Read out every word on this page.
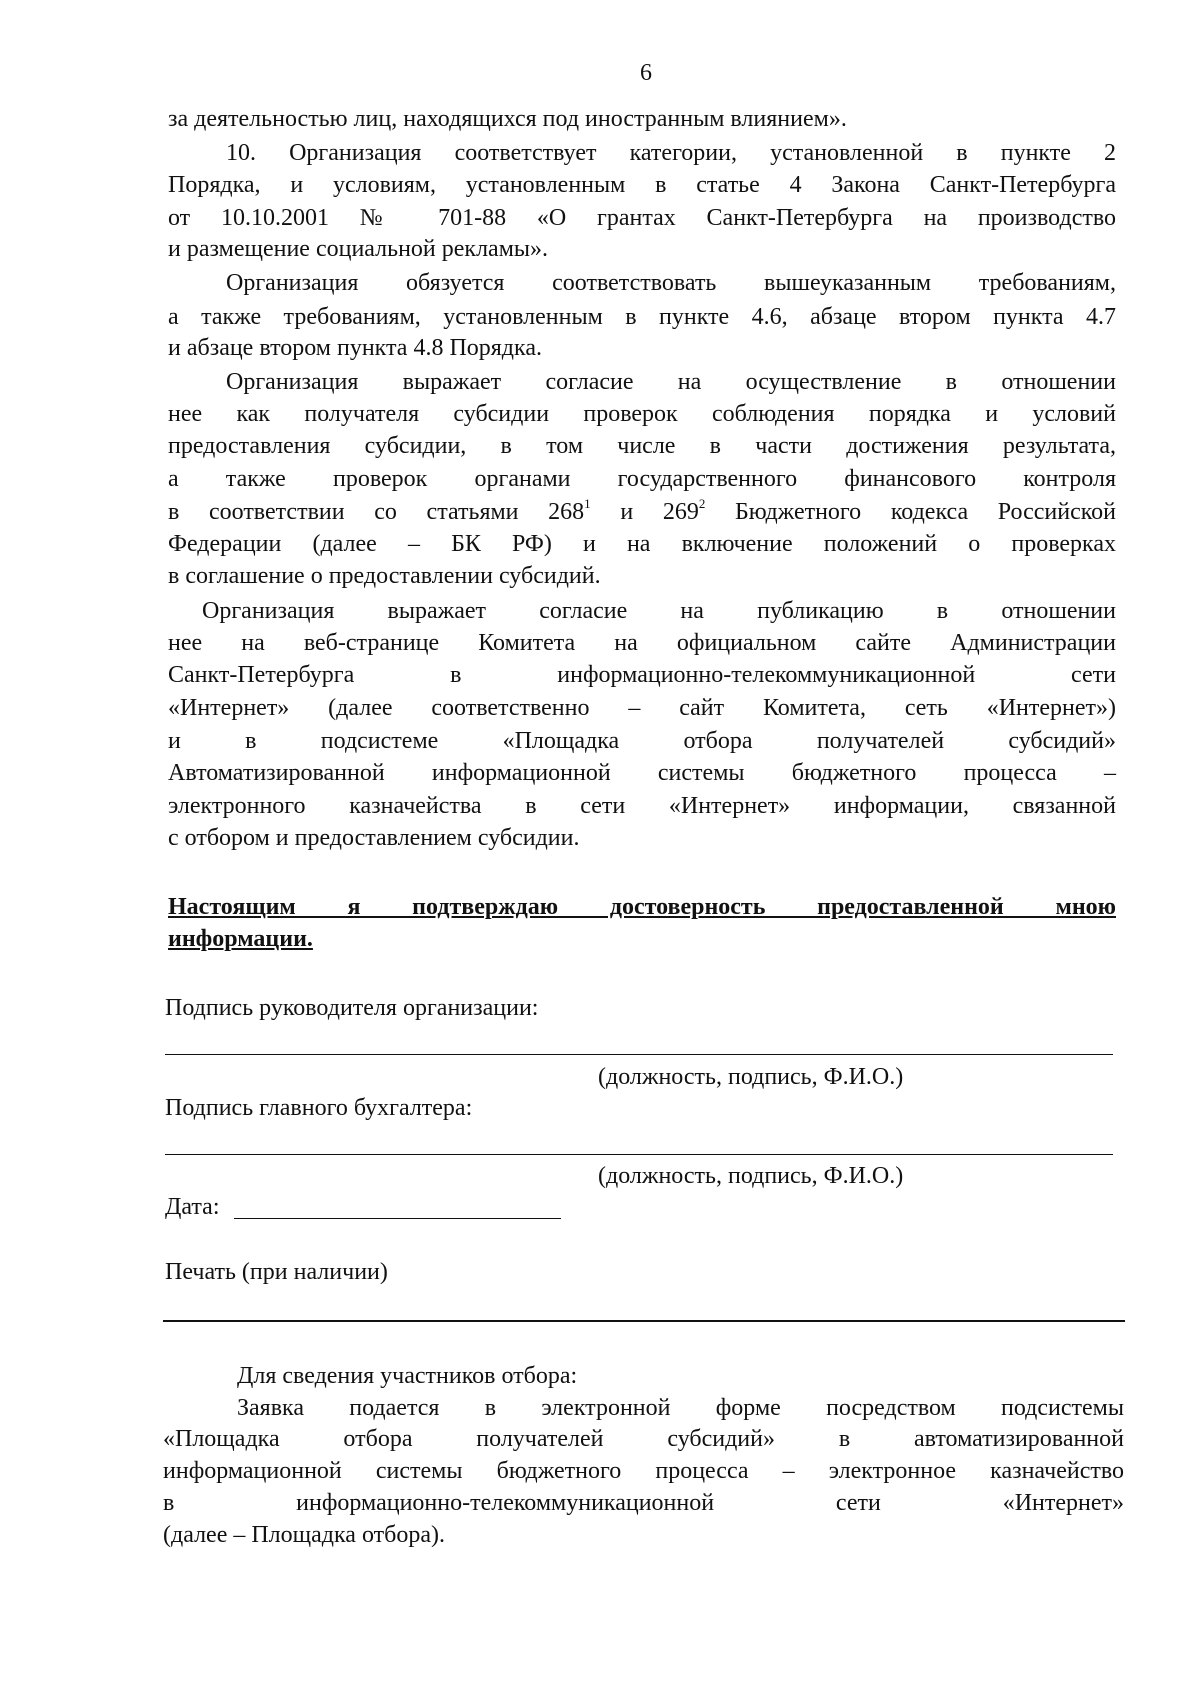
6
за деятельностью лиц, находящихся под иностранным влиянием».
10. Организация соответствует категории, установленной в пункте 2
Порядка, и условиям, установленным в статье 4 Закона Санкт-Петербурга
от 10.10.2001 № 701-88 «О грантах Санкт-Петербурга на производство
и размещение социальной рекламы».
Организация обязуется соответствовать вышеуказанным требованиям,
а также требованиям, установленным в пункте 4.6, абзаце втором пункта 4.7
и абзаце втором пункта 4.8 Порядка.
Организация выражает согласие на осуществление в отношении
нее как получателя субсидии проверок соблюдения порядка и условий
предоставления субсидии, в том числе в части достижения результата,
а также проверок органами государственного финансового контроля
в соответствии со статьями $268^1$ и $269^2$ Бюджетного кодекса Российской
Федерации (далее – БК РФ) и на включение положений о проверках
в соглашение о предоставлении субсидий.
Организация выражает согласие на публикацию в отношении
нее на веб-странице Комитета на официальном сайте Администрации
Санкт-Петербурга в информационно-телекоммуникационной сети
«Интернет» (далее соответственно – сайт Комитета, сеть «Интернет»)
и в подсистеме «Площадка отбора получателей субсидий»
Автоматизированной информационной системы бюджетного процесса –
электронного казначейства в сети «Интернет» информации, связанной
с отбором и предоставлением субсидии.
Настоящим я подтверждаю достоверность предоставленной мною
информации.
Подпись руководителя организации:
(должность, подпись, Ф.И.О.)
Подпись главного бухгалтера:
(должность, подпись, Ф.И.О.)
Дата:
Печать (при наличии)
Для сведения участников отбора:
Заявка подается в электронной форме посредством подсистемы
«Площадка отбора получателей субсидий» в автоматизированной
информационной системы бюджетного процесса – электронное казначейство
в информационно-телекоммуникационной сети «Интернет»
(далее – Площадка отбора).
